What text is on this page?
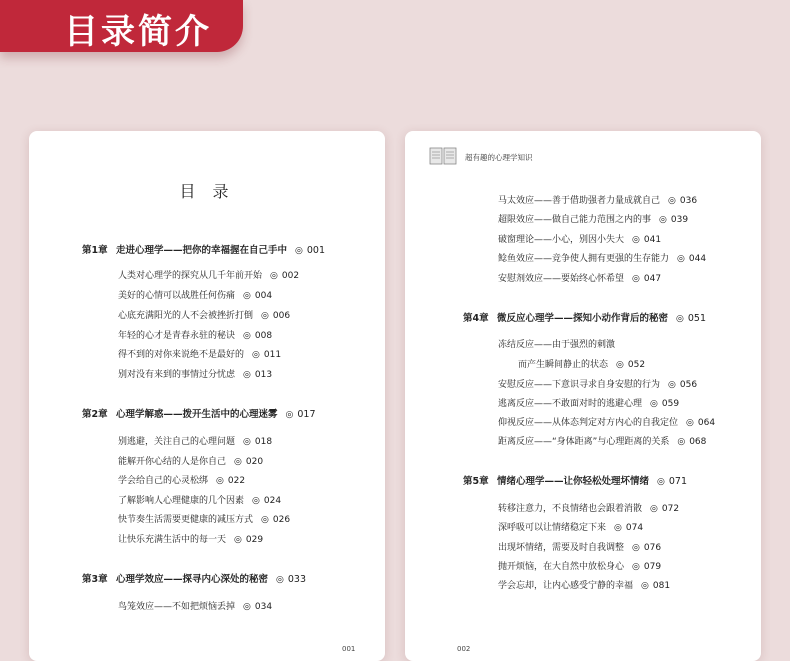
目录简介
目 录
第1章 走进心理学——把你的幸福握在自己手中 ◎ 001
人类对心理学的探究从几千年前开始 ◎ 002
美好的心情可以战胜任何伤痛 ◎ 004
心底充满阳光的人不会被挫折打倒 ◎ 006
年轻的心才是青春永驻的秘诀 ◎ 008
得不到的对你来说绝不是最好的 ◎ 011
别对没有来到的事情过分忧虑 ◎ 013
第2章 心理学解惑——拨开生活中的心理迷雾 ◎ 017
别逃避，关注自己的心理问题 ◎ 018
能解开你心结的人是你自己 ◎ 020
学会给自己的心灵松绑 ◎ 022
了解影响人心理健康的几个因素 ◎ 024
快节奏生活需要更健康的减压方式 ◎ 026
让快乐充满生活中的每一天 ◎ 029
第3章 心理学效应——探寻内心深处的秘密 ◎ 033
鸟笼效应——不如把烦恼丢掉 ◎ 034
001
超有趣的心理学知识
马太效应——善于借助强者力量成就自己 ◎ 036
超限效应——做自己能力范围之内的事 ◎ 039
破窗理论——小心，别因小失大 ◎ 041
鲶鱼效应——竞争使人拥有更强的生存能力 ◎ 044
安慰剂效应——要始终心怀希望 ◎ 047
第4章 微反应心理学——探知小动作背后的秘密 ◎ 051
冻结反应——由于强烈的刺激
而产生瞬间静止的状态 ◎ 052
安慰反应——下意识寻求自身安慰的行为 ◎ 056
逃离反应——不敢面对时的逃避心理 ◎ 059
仰视反应——从体态判定对方内心的自我定位 ◎ 064
距离反应——“身体距离”与心理距离的关系 ◎ 068
第5章 情绪心理学——让你轻松处理坏情绪 ◎ 071
转移注意力，不良情绪也会跟着消散 ◎ 072
深呼吸可以让情绪稳定下来 ◎ 074
出现坏情绪，需要及时自我调整 ◎ 076
抛开烦恼，在大自然中放松身心 ◎ 079
学会忘却，让内心感受宁静的幸福 ◎ 081
002
